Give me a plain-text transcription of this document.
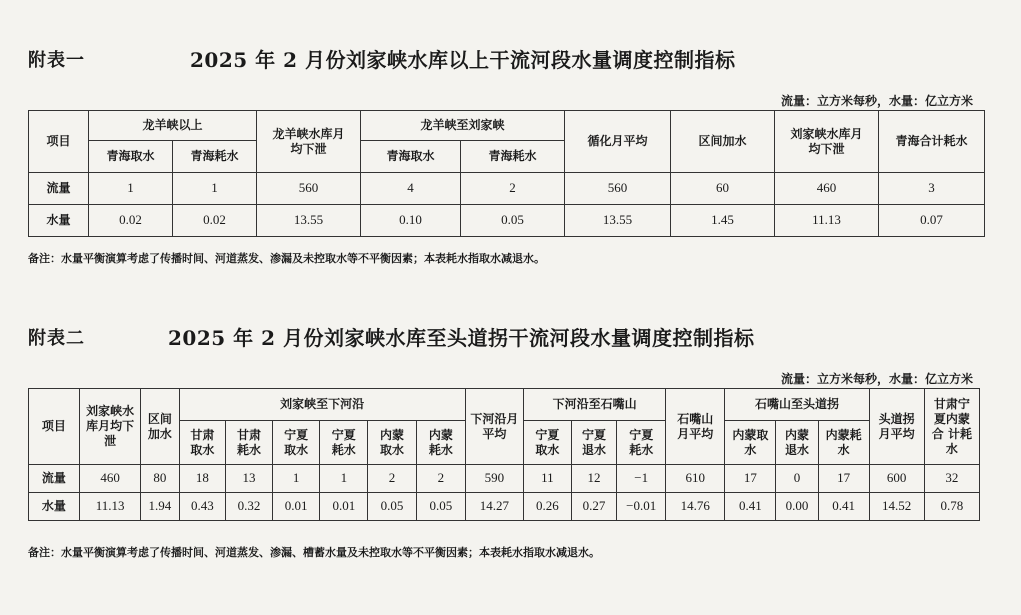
附表一	2025 年 2 月份刘家峡水库以上干流河段水量调度控制指标
流量：立方米每秒，水量：亿立方米
项目	龙羊峡以上		龙羊峡水库月均下泄	龙羊峡至刘家峡		循化月平均	区间加水	刘家峡水库月均下泄	青海合计耗水
	青海取水	青海耗水		青海取水	青海耗水				
流量	1	1	560	4	2	560	60	460	3
水量	0.02	0.02	13.55	0.10	0.05	13.55	1.45	11.13	0.07
备注：水量平衡演算考虑了传播时间、河道蒸发、渗漏及未控取水等不平衡因素；本表耗水指取水减退水。
附表二	2025 年 2 月份刘家峡水库至头道拐干流河段水量调度控制指标
流量：立方米每秒，水量：亿立方米
项目	刘家峡水库月均下泄	区间加水	刘家峡至下河沿						下河沿月平均	下河沿至石嘴山			石嘴山月平均	石嘴山至头道拐			头道拐月平均	甘肃宁夏内蒙合 计耗 水
			甘肃取水	甘肃耗水	宁夏取水	宁夏耗水	内蒙取水	内蒙耗水		宁夏取水	宁夏退水	宁夏耗水		内蒙取水	内蒙退水	内蒙耗水		
流量	460	80	18	13	1	1	2	2	590	11	12	−1	610	17	0	17	600	32
水量	11.13	1.94	0.43	0.32	0.01	0.01	0.05	0.05	14.27	0.26	0.27	−0.01	14.76	0.41	0.00	0.41	14.52	0.78
备注：水量平衡演算考虑了传播时间、河道蒸发、渗漏、槽蓄水量及未控取水等不平衡因素；本表耗水指取水减退水。
